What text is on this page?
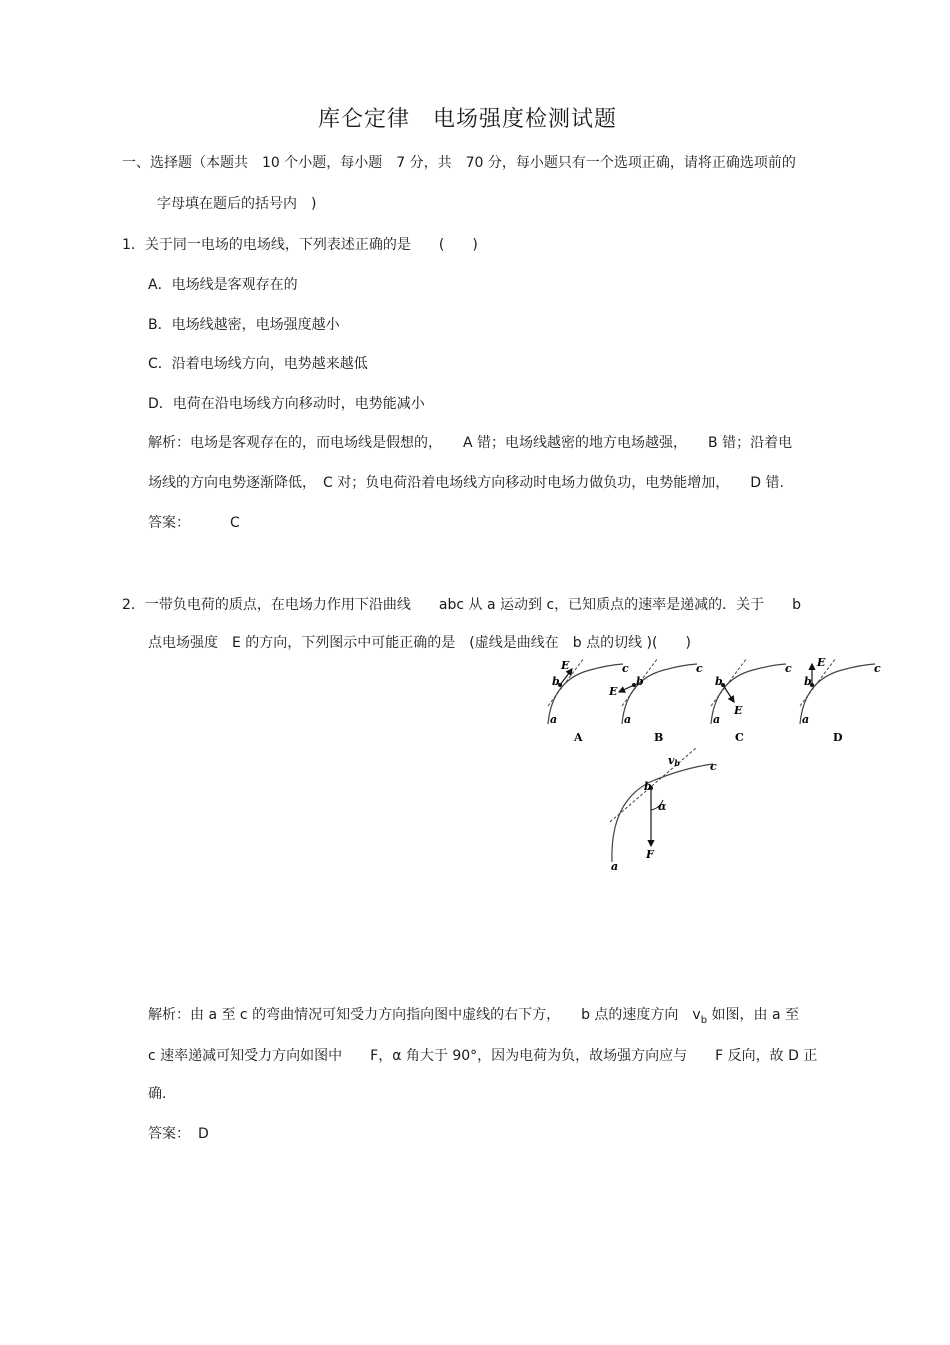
库仑定律　电场强度检测试题
一、选择题（本题共　10 个小题，每小题　7 分，共　70 分，每小题只有一个选项正确，请将正确选项前的
字母填在题后的括号内　)
1．关于同一电场的电场线，下列表述正确的是　　(　　)
A．电场线是客观存在的
B．电场线越密，电场强度越小
C．沿着电场线方向，电势越来越低
D．电荷在沿电场线方向移动时，电势能减小
解析：电场是客观存在的，而电场线是假想的，　　A 错；电场线越密的地方电场越强，　　B 错；沿着电
场线的方向电势逐渐降低，　C 对；负电荷沿着电场线方向移动时电场力做负功，电势能增加，　　D 错.
答案：	C
2．一带负电荷的质点，在电场力作用下沿曲线　　abc 从 a 运动到 c，已知质点的速率是递减的．关于　　b
点电场强度　E 的方向，下列图示中可能正确的是　(虚线是曲线在　b 点的切线 )(　　)
a
b
c
E
A
a
b
c
E
B
a
b
c
E
C
a
b
c
E
D
a
b
c
vb
α
F
解析：由 a 至 c 的弯曲情况可知受力方向指向图中虚线的右下方，　　b 点的速度方向　$v_b$ 如图，由 a 至
c 速率递减可知受力方向如图中　　F，α 角大于 90°，因为电荷为负，故场强方向应与　　F 反向，故 D 正
确.
答案： D
